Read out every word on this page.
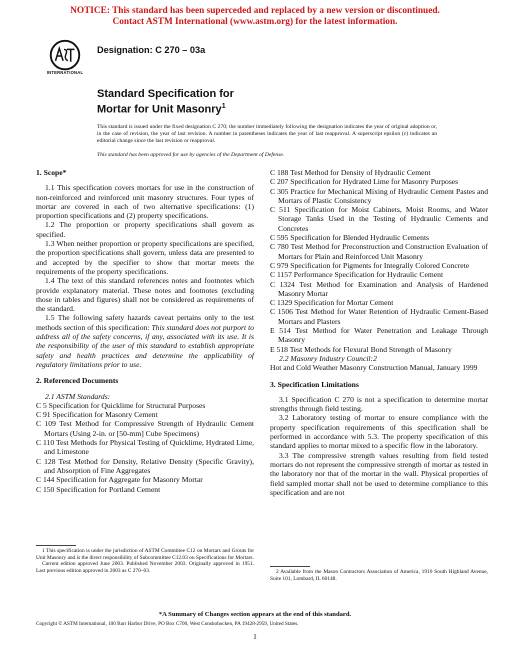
NOTICE: This standard has been superceded and replaced by a new version or discontinued.
Contact ASTM International (www.astm.org) for the latest information.
INTERNATIONAL
Designation: C 270 – 03a
Standard Specification for
Mortar for Unit Masonry$^1$
This standard is issued under the fixed designation C 270; the number immediately following the designation indicates the year of original adoption or, in the case of revision, the year of last revision. A number in parentheses indicates the year of last reapproval. A superscript epsilon (ε) indicates an editorial change since the last revision or reapproval.
This standard has been approved for use by agencies of the Department of Defense.

1. Scope*

1.1 This specification covers mortars for use in the construction of non-reinforced and reinforced unit masonry structures. Four types of mortar are covered in each of two alternative specifications: (1) proportion specifications and (2) property specifications.

1.2 The proportion or property specifications shall govern as specified.

1.3 When neither proportion or property specifications are specified, the proportion specifications shall govern, unless data are presented to and accepted by the specifier to show that mortar meets the requirements of the property specifications.

1.4 The text of this standard references notes and footnotes which provide explanatory material. These notes and footnotes (excluding those in tables and figures) shall not be considered as requirements of the standard.

1.5 The following safety hazards caveat pertains only to the test methods section of this specification: This standard does not purport to address all of the safety concerns, if any, associated with its use. It is the responsibility of the user of this standard to establish appropriate safety and health practices and determine the applicability of regulatory limitations prior to use.

2. Referenced Documents

2.1 ASTM Standards:

C 5 Specification for Quicklime for Structural Purposes

C 91 Specification for Masonry Cement

C 109 Test Method for Compressive Strength of Hydraulic Cement Mortars (Using 2-in. or [50-mm] Cube Specimens)

C 110 Test Methods for Physical Testing of Quicklime, Hydrated Lime, and Limestone

C 128 Test Method for Density, Relative Density (Specific Gravity), and Absorption of Fine Aggregates

C 144 Specification for Aggregate for Masonry Mortar

C 150 Specification for Portland Cement

1 This specification is under the jurisdiction of ASTM Committee C12 on Mortars and Grouts for Unit Masonry and is the direct responsibility of Subcommittee C12.03 on Specifications for Mortars.

Current edition approved June 2003. Published November 2003. Originally approved in 1951. Last previous edition approved in 2003 as C 270–03.

C 188 Test Method for Density of Hydraulic Cement

C 207 Specification for Hydrated Lime for Masonry Purposes

C 305 Practice for Mechanical Mixing of Hydraulic Cement Pastes and Mortars of Plastic Consistency

C 511 Specification for Moist Cabinets, Moist Rooms, and Water Storage Tanks Used in the Testing of Hydraulic Cements and Concretes

C 595 Specification for Blended Hydraulic Cements

C 780 Test Method for Preconstruction and Construction Evaluation of Mortars for Plain and Reinforced Unit Masonry

C 979 Specification for Pigments for Integrally Colored Concrete

C 1157 Performance Specification for Hydraulic Cement

C 1324 Test Method for Examination and Analysis of Hardened Masonry Mortar

C 1329 Specification for Mortar Cement

C 1506 Test Method for Water Retention of Hydraulic Cement-Based Mortars and Plasters

E 514 Test Method for Water Penetration and Leakage Through Masonry

E 518 Test Methods for Flexural Bond Strength of Masonry

2.2 Masonry Industry Council:2

Hot and Cold Weather Masonry Construction Manual, January 1999

3. Specification Limitations

3.1 Specification C 270 is not a specification to determine mortar strengths through field testing.

3.2 Laboratory testing of mortar to ensure compliance with the property specification requirements of this specification shall be performed in accordance with 5.3. The property specification of this standard applies to mortar mixed to a specific flow in the laboratory.

3.3 The compressive strength values resulting from field tested mortars do not represent the compressive strength of mortar as tested in the laboratory nor that of the mortar in the wall. Physical properties of field sampled mortar shall not be used to determine compliance to this specification and are not

2 Available from the Mason Contractors Association of America, 1910 South Highland Avenue, Suite 101, Lombard, IL 60148.

*A Summary of Changes section appears at the end of this standard.
Copyright © ASTM International, 100 Barr Harbor Drive, PO Box C700, West Conshohocken, PA 19428-2959, United States.
1
